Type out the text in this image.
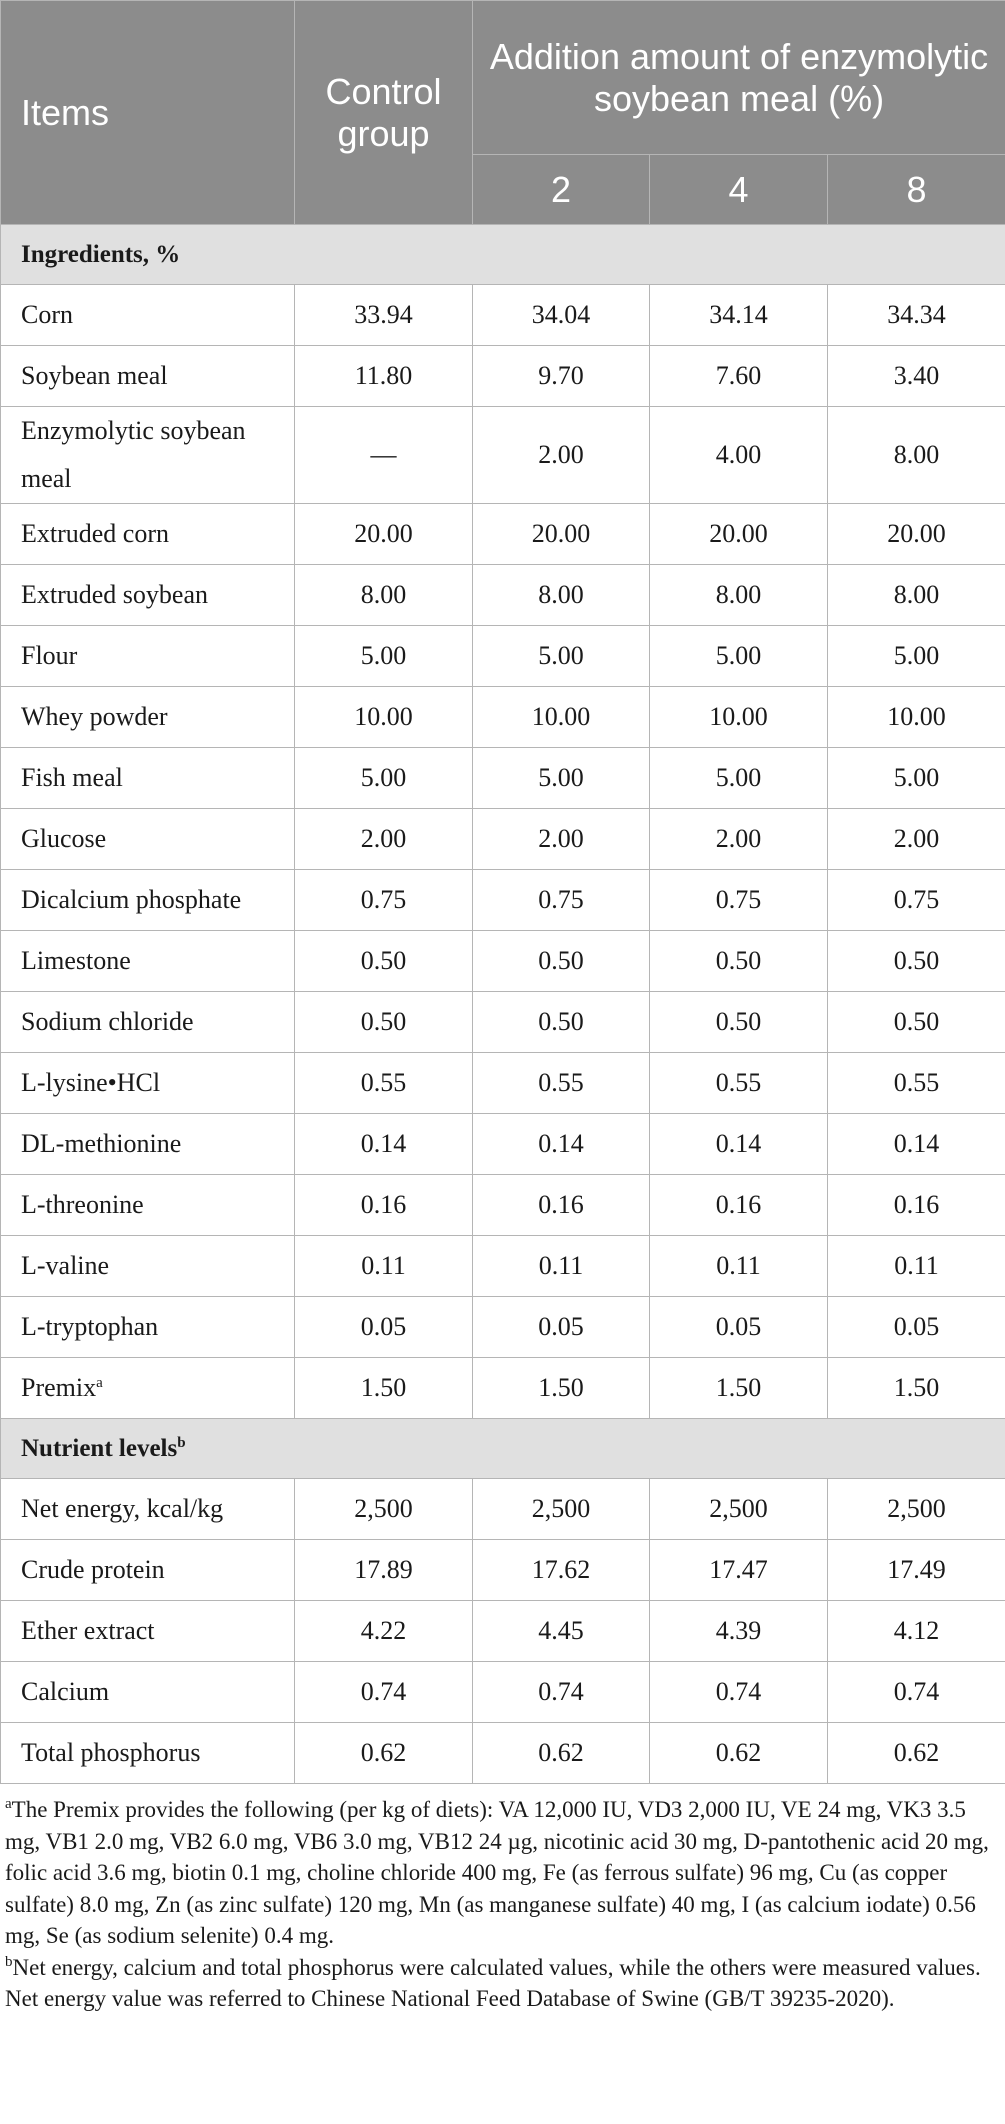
Items	Control group	Addition amount of enzymolytic soybean meal (%)		
		2	4	8
Ingredients, %				
Corn	33.94	34.04	34.14	34.34
Soybean meal	11.80	9.70	7.60	3.40
Enzymolytic soybean meal	—	2.00	4.00	8.00
Extruded corn	20.00	20.00	20.00	20.00
Extruded soybean	8.00	8.00	8.00	8.00
Flour	5.00	5.00	5.00	5.00
Whey powder	10.00	10.00	10.00	10.00
Fish meal	5.00	5.00	5.00	5.00
Glucose	2.00	2.00	2.00	2.00
Dicalcium phosphate	0.75	0.75	0.75	0.75
Limestone	0.50	0.50	0.50	0.50
Sodium chloride	0.50	0.50	0.50	0.50
L-lysine•HCl	0.55	0.55	0.55	0.55
DL-methionine	0.14	0.14	0.14	0.14
L-threonine	0.16	0.16	0.16	0.16
L-valine	0.11	0.11	0.11	0.11
L-tryptophan	0.05	0.05	0.05	0.05
Premix$^a$	1.50	1.50	1.50	1.50
Nutrient levels$^b$
Net energy, kcal/kg	2,500	2,500	2,500	2,500
Crude protein	17.89	17.62	17.47	17.49
Ether extract	4.22	4.45	4.39	4.12
Calcium	0.74	0.74	0.74	0.74
Total phosphorus	0.62	0.62	0.62	0.62

$^a$The Premix provides the following (per kg of diets): VA 12,000 IU, VD3 2,000 IU, VE 24 mg, VK3 3.5 mg, VB1 2.0 mg, VB2 6.0 mg, VB6 3.0 mg, VB12 24 µg, nicotinic acid 30 mg, D-pantothenic acid 20 mg, folic acid 3.6 mg, biotin 0.1 mg, choline chloride 400 mg, Fe (as ferrous sulfate) 96 mg, Cu (as copper sulfate) 8.0 mg, Zn (as zinc sulfate) 120 mg, Mn (as manganese sulfate) 40 mg, I (as calcium iodate) 0.56 mg, Se (as sodium selenite) 0.4 mg.

$^b$Net energy, calcium and total phosphorus were calculated values, while the others were measured values. Net energy value was referred to Chinese National Feed Database of Swine (GB/T 39235-2020).
